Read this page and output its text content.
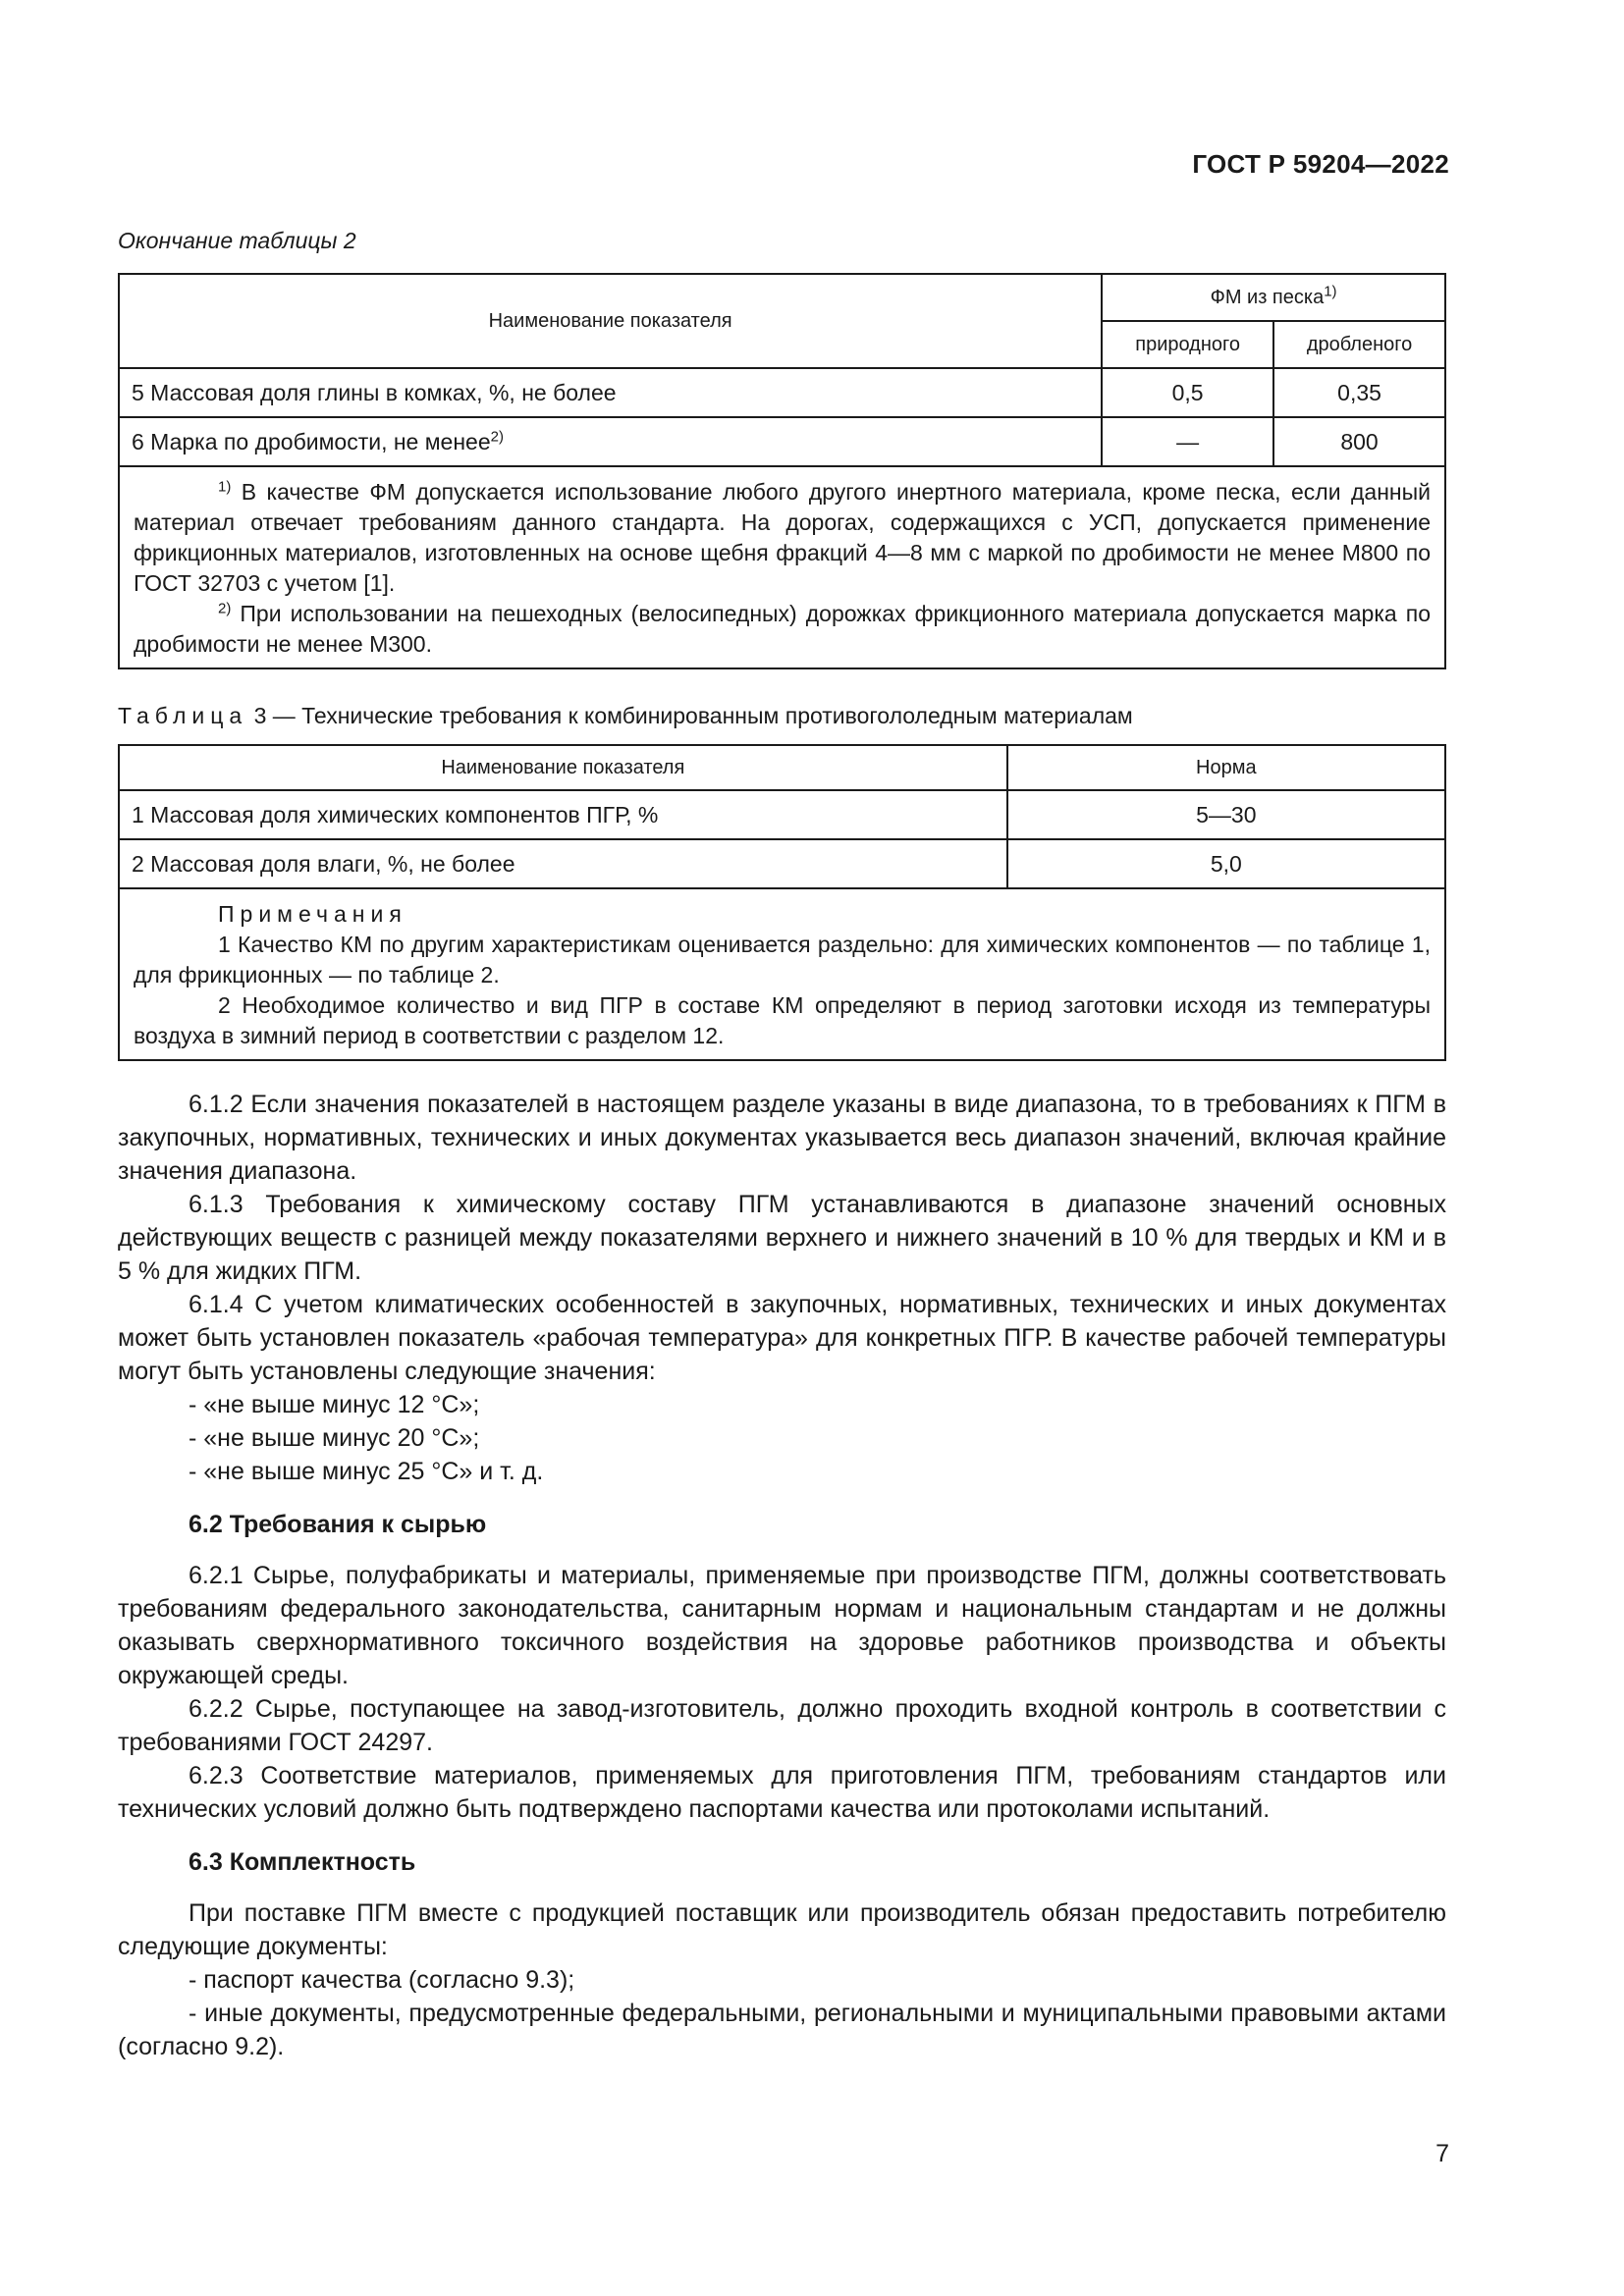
ГОСТ Р 59204—2022
Окончание таблицы 2
Наименование показателя	ФМ из песка$^{1)}$
	природного	дробленого
5 Массовая доля глины в комках, %, не более	0,5	0,35
6 Марка по дробимости, не менее$^{2)}$	—	800

$^{1)}$ В качестве ФМ допускается использование любого другого инертного материала, кроме песка, если данный материал отвечает требованиям данного стандарта. На дорогах, содержащихся с УСП, допускается применение фрикционных материалов, изготовленных на основе щебня фракций 4—8 мм с маркой по дробимости не менее М800 по ГОСТ 32703 с учетом [1].

$^{2)}$ При использовании на пешеходных (велосипедных) дорожках фрикционного материала допускается марка по дробимости не менее М300.		

Таблица 3 — Технические требования к комбинированным противогололедным материалам
Наименование показателя	Норма
1 Массовая доля химических компонентов ПГР, %	5—30
2 Массовая доля влаги, %, не более	5,0

Примечания

1 Качество КМ по другим характеристикам оценивается раздельно: для химических компонентов — по таблице 1, для фрикционных — по таблице 2.

2 Необходимое количество и вид ПГР в составе КМ определяют в период заготовки исходя из температуры воздуха в зимний период в соответствии с разделом 12.	

6.1.2 Если значения показателей в настоящем разделе указаны в виде диапазона, то в требованиях к ПГМ в закупочных, нормативных, технических и иных документах указывается весь диапазон значений, включая крайние значения диапазона.

6.1.3 Требования к химическому составу ПГМ устанавливаются в диапазоне значений основных действующих веществ с разницей между показателями верхнего и нижнего значений в 10 % для твердых и КМ и в 5 % для жидких ПГМ.

6.1.4 С учетом климатических особенностей в закупочных, нормативных, технических и иных документах может быть установлен показатель «рабочая температура» для конкретных ПГР. В качестве рабочей температуры могут быть установлены следующие значения:

- «не выше минус 12 °С»;

- «не выше минус 20 °С»;

- «не выше минус 25 °С» и т. д.

6.2 Требования к сырью

6.2.1 Сырье, полуфабрикаты и материалы, применяемые при производстве ПГМ, должны соответствовать требованиям федерального законодательства, санитарным нормам и национальным стандартам и не должны оказывать сверхнормативного токсичного воздействия на здоровье работников производства и объекты окружающей среды.

6.2.2 Сырье, поступающее на завод-изготовитель, должно проходить входной контроль в соответствии с требованиями ГОСТ 24297.

6.2.3 Соответствие материалов, применяемых для приготовления ПГМ, требованиям стандартов или технических условий должно быть подтверждено паспортами качества или протоколами испытаний.

6.3 Комплектность

При поставке ПГМ вместе с продукцией поставщик или производитель обязан предоставить потребителю следующие документы:

- паспорт качества (согласно 9.3);

- иные документы, предусмотренные федеральными, региональными и муниципальными правовыми актами (согласно 9.2).

7
